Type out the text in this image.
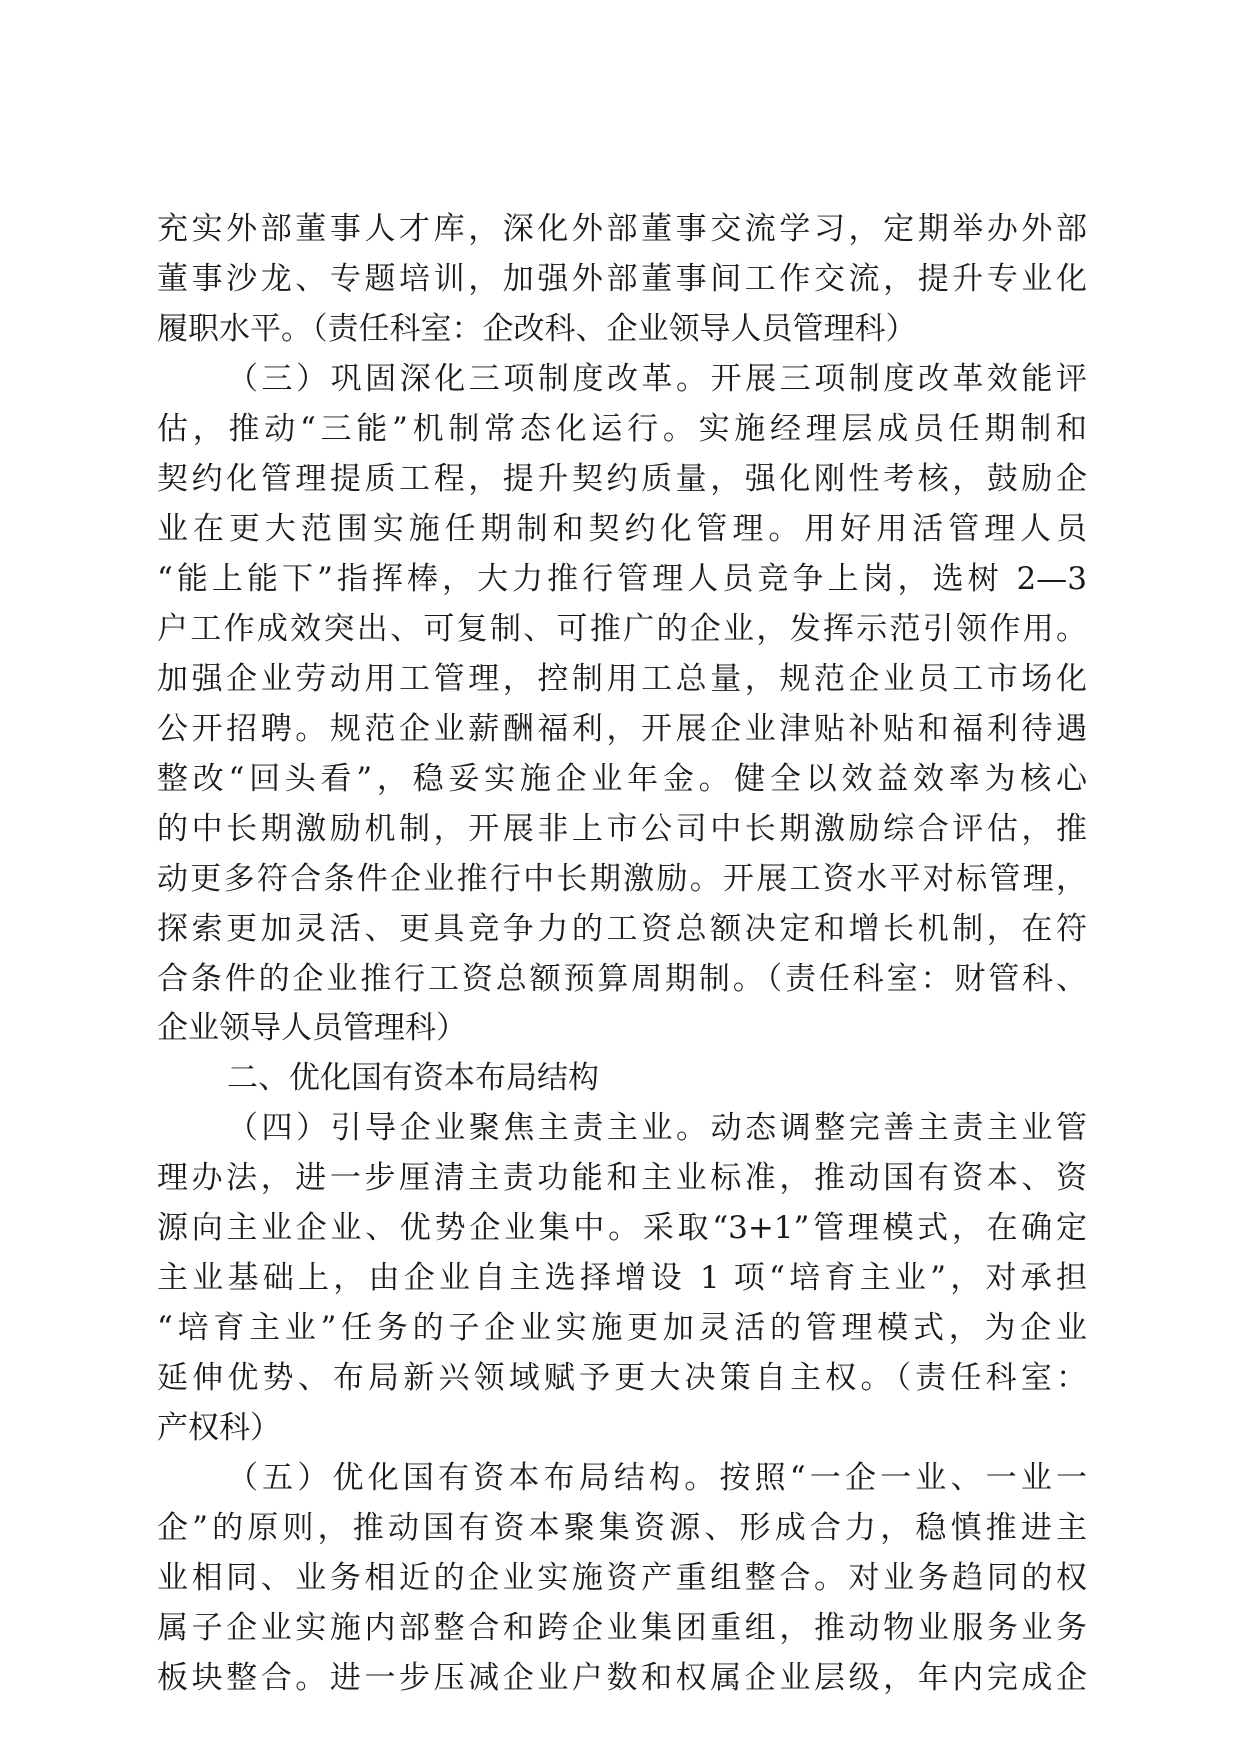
充实外部董事人才库，深化外部董事交流学习，定期举办外部
董事沙龙、专题培训，加强外部董事间工作交流，提升专业化
履职水平。（责任科室：企改科、企业领导人员管理科）
（三）巩固深化三项制度改革。开展三项制度改革效能评
估，推动“三能”机制常态化运行。实施经理层成员任期制和
契约化管理提质工程，提升契约质量，强化刚性考核，鼓励企
业在更大范围实施任期制和契约化管理。用好用活管理人员
“能上能下”指挥棒，大力推行管理人员竞争上岗，选树 2—3
户工作成效突出、可复制、可推广的企业，发挥示范引领作用。
加强企业劳动用工管理，控制用工总量，规范企业员工市场化
公开招聘。规范企业薪酬福利，开展企业津贴补贴和福利待遇
整改“回头看”，稳妥实施企业年金。健全以效益效率为核心
的中长期激励机制，开展非上市公司中长期激励综合评估，推
动更多符合条件企业推行中长期激励。开展工资水平对标管理，
探索更加灵活、更具竞争力的工资总额决定和增长机制，在符
合条件的企业推行工资总额预算周期制。（责任科室：财管科、
企业领导人员管理科）
二、优化国有资本布局结构
（四）引导企业聚焦主责主业。动态调整完善主责主业管
理办法，进一步厘清主责功能和主业标准，推动国有资本、资
源向主业企业、优势企业集中。采取“3+1”管理模式，在确定
主业基础上，由企业自主选择增设 1 项“培育主业”，对承担
“培育主业”任务的子企业实施更加灵活的管理模式，为企业
延伸优势、布局新兴领域赋予更大决策自主权。（责任科室：
产权科）
（五）优化国有资本布局结构。按照“一企一业、一业一
企”的原则，推动国有资本聚集资源、形成合力，稳慎推进主
业相同、业务相近的企业实施资产重组整合。对业务趋同的权
属子企业实施内部整合和跨企业集团重组，推动物业服务业务
板块整合。进一步压减企业户数和权属企业层级，年内完成企
